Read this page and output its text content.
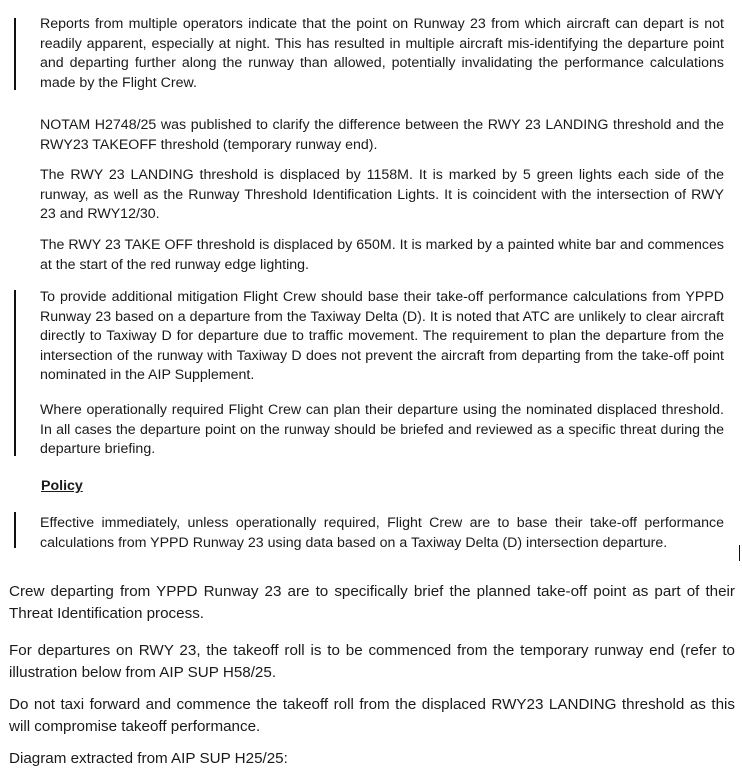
Reports from multiple operators indicate that the point on Runway 23 from which aircraft can depart is not readily apparent, especially at night. This has resulted in multiple aircraft mis-identifying the departure point and departing further along the runway than allowed, potentially invalidating the performance calculations made by the Flight Crew.

NOTAM H2748/25 was published to clarify the difference between the RWY 23 LANDING threshold and the RWY23 TAKEOFF threshold (temporary runway end).

The RWY 23 LANDING threshold is displaced by 1158M. It is marked by 5 green lights each side of the runway, as well as the Runway Threshold Identification Lights. It is coincident with the intersection of RWY 23 and RWY12/30.

The RWY 23 TAKE OFF threshold is displaced by 650M. It is marked by a painted white bar and commences at the start of the red runway edge lighting.

To provide additional mitigation Flight Crew should base their take-off performance calculations from YPPD Runway 23 based on a departure from the Taxiway Delta (D). It is noted that ATC are unlikely to clear aircraft directly to Taxiway D for departure due to traffic movement. The requirement to plan the departure from the intersection of the runway with Taxiway D does not prevent the aircraft from departing from the take-off point nominated in the AIP Supplement.

Where operationally required Flight Crew can plan their departure using the nominated displaced threshold. In all cases the departure point on the runway should be briefed and reviewed as a specific threat during the departure briefing.

Effective immediately, unless operationally required, Flight Crew are to base their take-off performance calculations from YPPD Runway 23 using data based on a Taxiway Delta (D) intersection departure.

Policy

Crew departing from YPPD Runway 23 are to specifically brief the planned take-off point as part of their Threat Identification process.

For departures on RWY 23, the takeoff roll is to be commenced from the temporary runway end (refer to illustration below from AIP SUP H58/25.

Do not taxi forward and commence the takeoff roll from the displaced RWY23 LANDING threshold as this will compromise takeoff performance.

Diagram extracted from AIP SUP H25/25:
